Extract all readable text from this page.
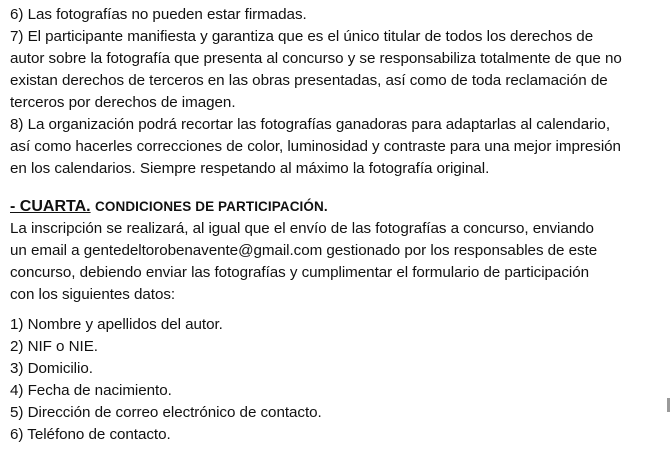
6) Las fotografías no pueden estar firmadas.
7) El participante manifiesta y garantiza que es el único titular de todos los derechos de
autor sobre la fotografía que presenta al concurso y se responsabiliza totalmente de que no
existan derechos de terceros en las obras presentadas, así como de toda reclamación de
terceros por derechos de imagen.
8) La organización podrá recortar las fotografías ganadoras para adaptarlas al calendario,
así como hacerles correcciones de color, luminosidad y contraste para una mejor impresión
en los calendarios. Siempre respetando al máximo la fotografía original.
- CUARTA. CONDICIONES DE PARTICIPACIÓN.
La inscripción se realizará, al igual que el envío de las fotografías a concurso, enviando
un email a gentedeltorobenavente@gmail.com gestionado por los responsables de este
concurso, debiendo enviar las fotografías y cumplimentar el formulario de participación
con los siguientes datos:
1) Nombre y apellidos del autor.
2) NIF o NIE.
3) Domicilio.
4) Fecha de nacimiento.
5) Dirección de correo electrónico de contacto.
6) Teléfono de contacto.
